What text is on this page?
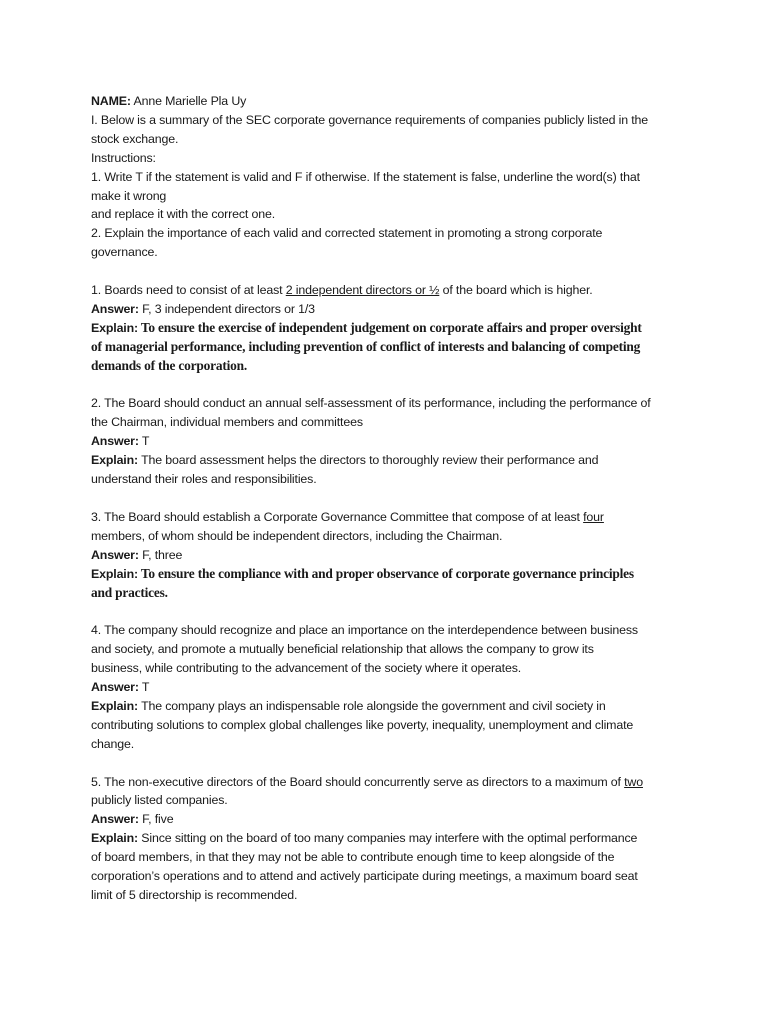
NAME: Anne Marielle Pla Uy
I. Below is a summary of the SEC corporate governance requirements of companies publicly listed in the
stock exchange.
Instructions:
1. Write T if the statement is valid and F if otherwise. If the statement is false, underline the word(s) that
make it wrong
and replace it with the correct one.
2. Explain the importance of each valid and corrected statement in promoting a strong corporate
governance.
1. Boards need to consist of at least 2 independent directors or ½ of the board which is higher.
Answer: F, 3 independent directors or 1/3
Explain: To ensure the exercise of independent judgement on corporate affairs and proper oversight
of managerial performance, including prevention of conflict of interests and balancing of competing
demands of the corporation.
2. The Board should conduct an annual self-assessment of its performance, including the performance of
the Chairman, individual members and committees
Answer: T
Explain: The board assessment helps the directors to thoroughly review their performance and
understand their roles and responsibilities.
3. The Board should establish a Corporate Governance Committee that compose of at least four
members, of whom should be independent directors, including the Chairman.
Answer: F, three
Explain: To ensure the compliance with and proper observance of corporate governance principles
and practices.
4. The company should recognize and place an importance on the interdependence between business
and society, and promote a mutually beneficial relationship that allows the company to grow its
business, while contributing to the advancement of the society where it operates.
Answer: T
Explain: The company plays an indispensable role alongside the government and civil society in
contributing solutions to complex global challenges like poverty, inequality, unemployment and climate
change.
5. The non-executive directors of the Board should concurrently serve as directors to a maximum of two
publicly listed companies.
Answer: F, five
Explain: Since sitting on the board of too many companies may interfere with the optimal performance
of board members, in that they may not be able to contribute enough time to keep alongside of the
corporation’s operations and to attend and actively participate during meetings, a maximum board seat
limit of 5 directorship is recommended.
